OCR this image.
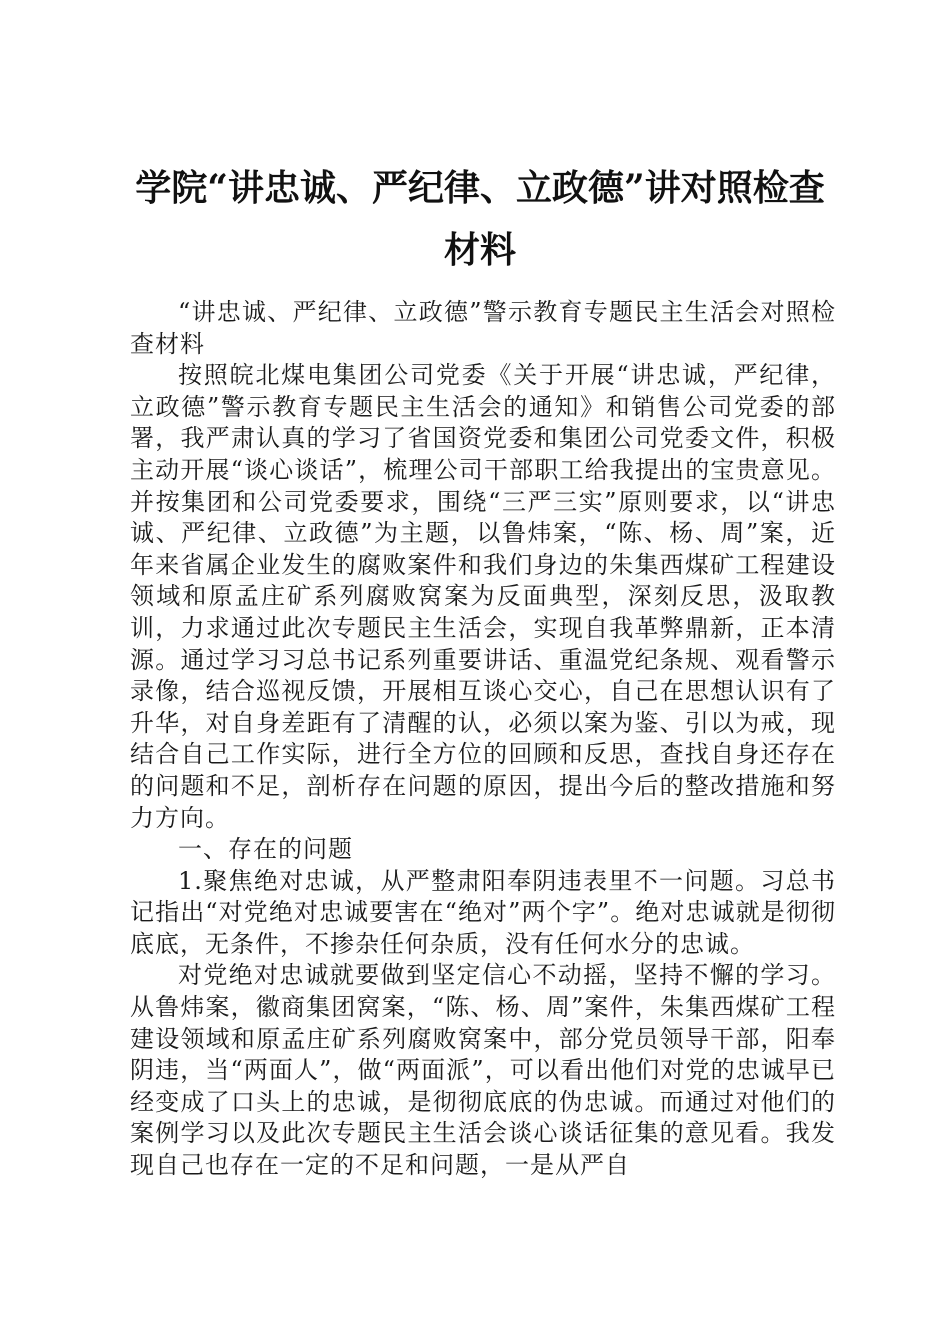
学院“讲忠诚、严纪律、立政德”讲对照检查
材料

“讲忠诚、严纪律、立政德”警示教育专题民主生活会对照检查材料

按照皖北煤电集团公司党委《关于开展“讲忠诚，严纪律，立政德”警示教育专题民主生活会的通知》和销售公司党委的部署，我严肃认真的学习了省国资党委和集团公司党委文件，积极主动开展“谈心谈话”，梳理公司干部职工给我提出的宝贵意见。并按集团和公司党委要求，围绕“三严三实”原则要求，以“讲忠诚、严纪律、立政德”为主题，以鲁炜案，“陈、杨、周”案，近年来省属企业发生的腐败案件和我们身边的朱集西煤矿工程建设领域和原孟庄矿系列腐败窝案为反面典型，深刻反思，汲取教训，力求通过此次专题民主生活会，实现自我革弊鼎新，正本清源。通过学习习总书记系列重要讲话、重温党纪条规、观看警示录像，结合巡视反馈，开展相互谈心交心，自己在思想认识有了升华，对自身差距有了清醒的认，必须以案为鉴、引以为戒，现结合自己工作实际，进行全方位的回顾和反思，查找自身还存在的问题和不足，剖析存在问题的原因，提出今后的整改措施和努力方向。

一、存在的问题

1.聚焦绝对忠诚，从严整肃阳奉阴违表里不一问题。习总书记指出“对党绝对忠诚要害在“绝对”两个字”。绝对忠诚就是彻彻底底，无条件，不掺杂任何杂质，没有任何水分的忠诚。

对党绝对忠诚就要做到坚定信心不动摇，坚持不懈的学习。从鲁炜案，徽商集团窝案，“陈、杨、周”案件，朱集西煤矿工程建设领域和原孟庄矿系列腐败窝案中，部分党员领导干部，阳奉阴违，当“两面人”，做“两面派”，可以看出他们对党的忠诚早已经变成了口头上的忠诚，是彻彻底底的伪忠诚。而通过对他们的案例学习以及此次专题民主生活会谈心谈话征集的意见看。我发现自己也存在一定的不足和问题，一是从严自
